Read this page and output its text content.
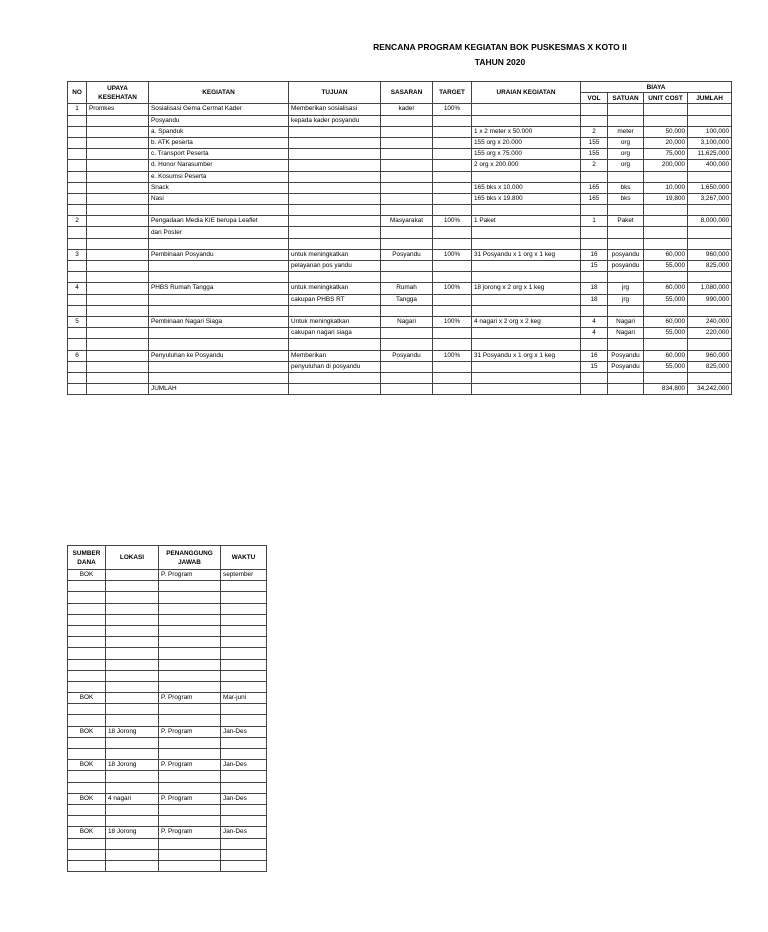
RENCANA PROGRAM KEGIATAN BOK PUSKESMAS X KOTO II
TAHUN 2020
NO	UPAYA KESEHATAN	KEGIATAN	TUJUAN	SASARAN	TARGET	URAIAN KEGIATAN	BIAYA			
							VOL	SATUAN	UNIT COST	JUMLAH
1	Promkes	Sosialisasi Gema Cermat Kader	Memberikan sosialisasi	kader	100%					
		Posyandu	kepada kader posyandu							
		a. Spanduk				1 x 2 meter x 50.000	2	meter	50,000	100,000
		b. ATK peserta				155 org x 20.000	155	org	20,000	3,100,000
		c. Transport Peserta				155 org x 75.000	155	org	75,000	11,625,000
		d. Honor Narasumber				2 org x 200.000	2	org	200,000	400,000
		e. Kosumsi Peserta								
		Snack				165 bks x 10.000	165	bks	10,000	1,650,000
		Nasi				165 bks x 19.800	165	bks	19,800	3,267,000

2		Pengadaan Media KIE berupa Leaflet		Masyarakat	100%	1 Paket	1	Paket		8,000,000
		dan Poster								

3		Pembinaan Posyandu	untuk meningkatkan	Posyandu	100%	31 Posyandu x 1 org x 1 keg	16	posyandu	60,000	960,000
			pelayanan pos yandu				15	posyandu	55,000	825,000

4		PHBS Rumah Tangga	untuk meningkatkan	Rumah	100%	18 jorong x 2 org x 1 keg	18	jrg	60,000	1,080,000
			cakupan PHBS RT	Tangga			18	jrg	55,000	990,000

5		Pembinaan Nagari Siaga	Untuk meningkatkan	Nagari	100%	4 nagari x 2 org x 2 keg	4	Nagari	60,000	240,000
			cakupan nagari siaga				4	Nagari	55,000	220,000

6		Penyuluhan ke Posyandu	Memberikan	Posyandu	100%	31 Posyandu x 1 org x 1 keg	16	Posyandu	60,000	960,000
			penyuluhan di posyandu				15	Posyandu	55,000	825,000

		JUMLAH							834,800	34,242,000
SUMBER DANA	LOKASI	PENANGGUNG JAWAB	WAKTU
BOK		P. Program	september

BOK		P. Program	Mar-juni

BOK	18 Jorong	P. Program	Jan-Des

BOK	18 Jorong	P. Program	Jan-Des

BOK	4 nagari	P. Program	Jan-Des

BOK	18 Jorong	P. Program	Jan-Des
